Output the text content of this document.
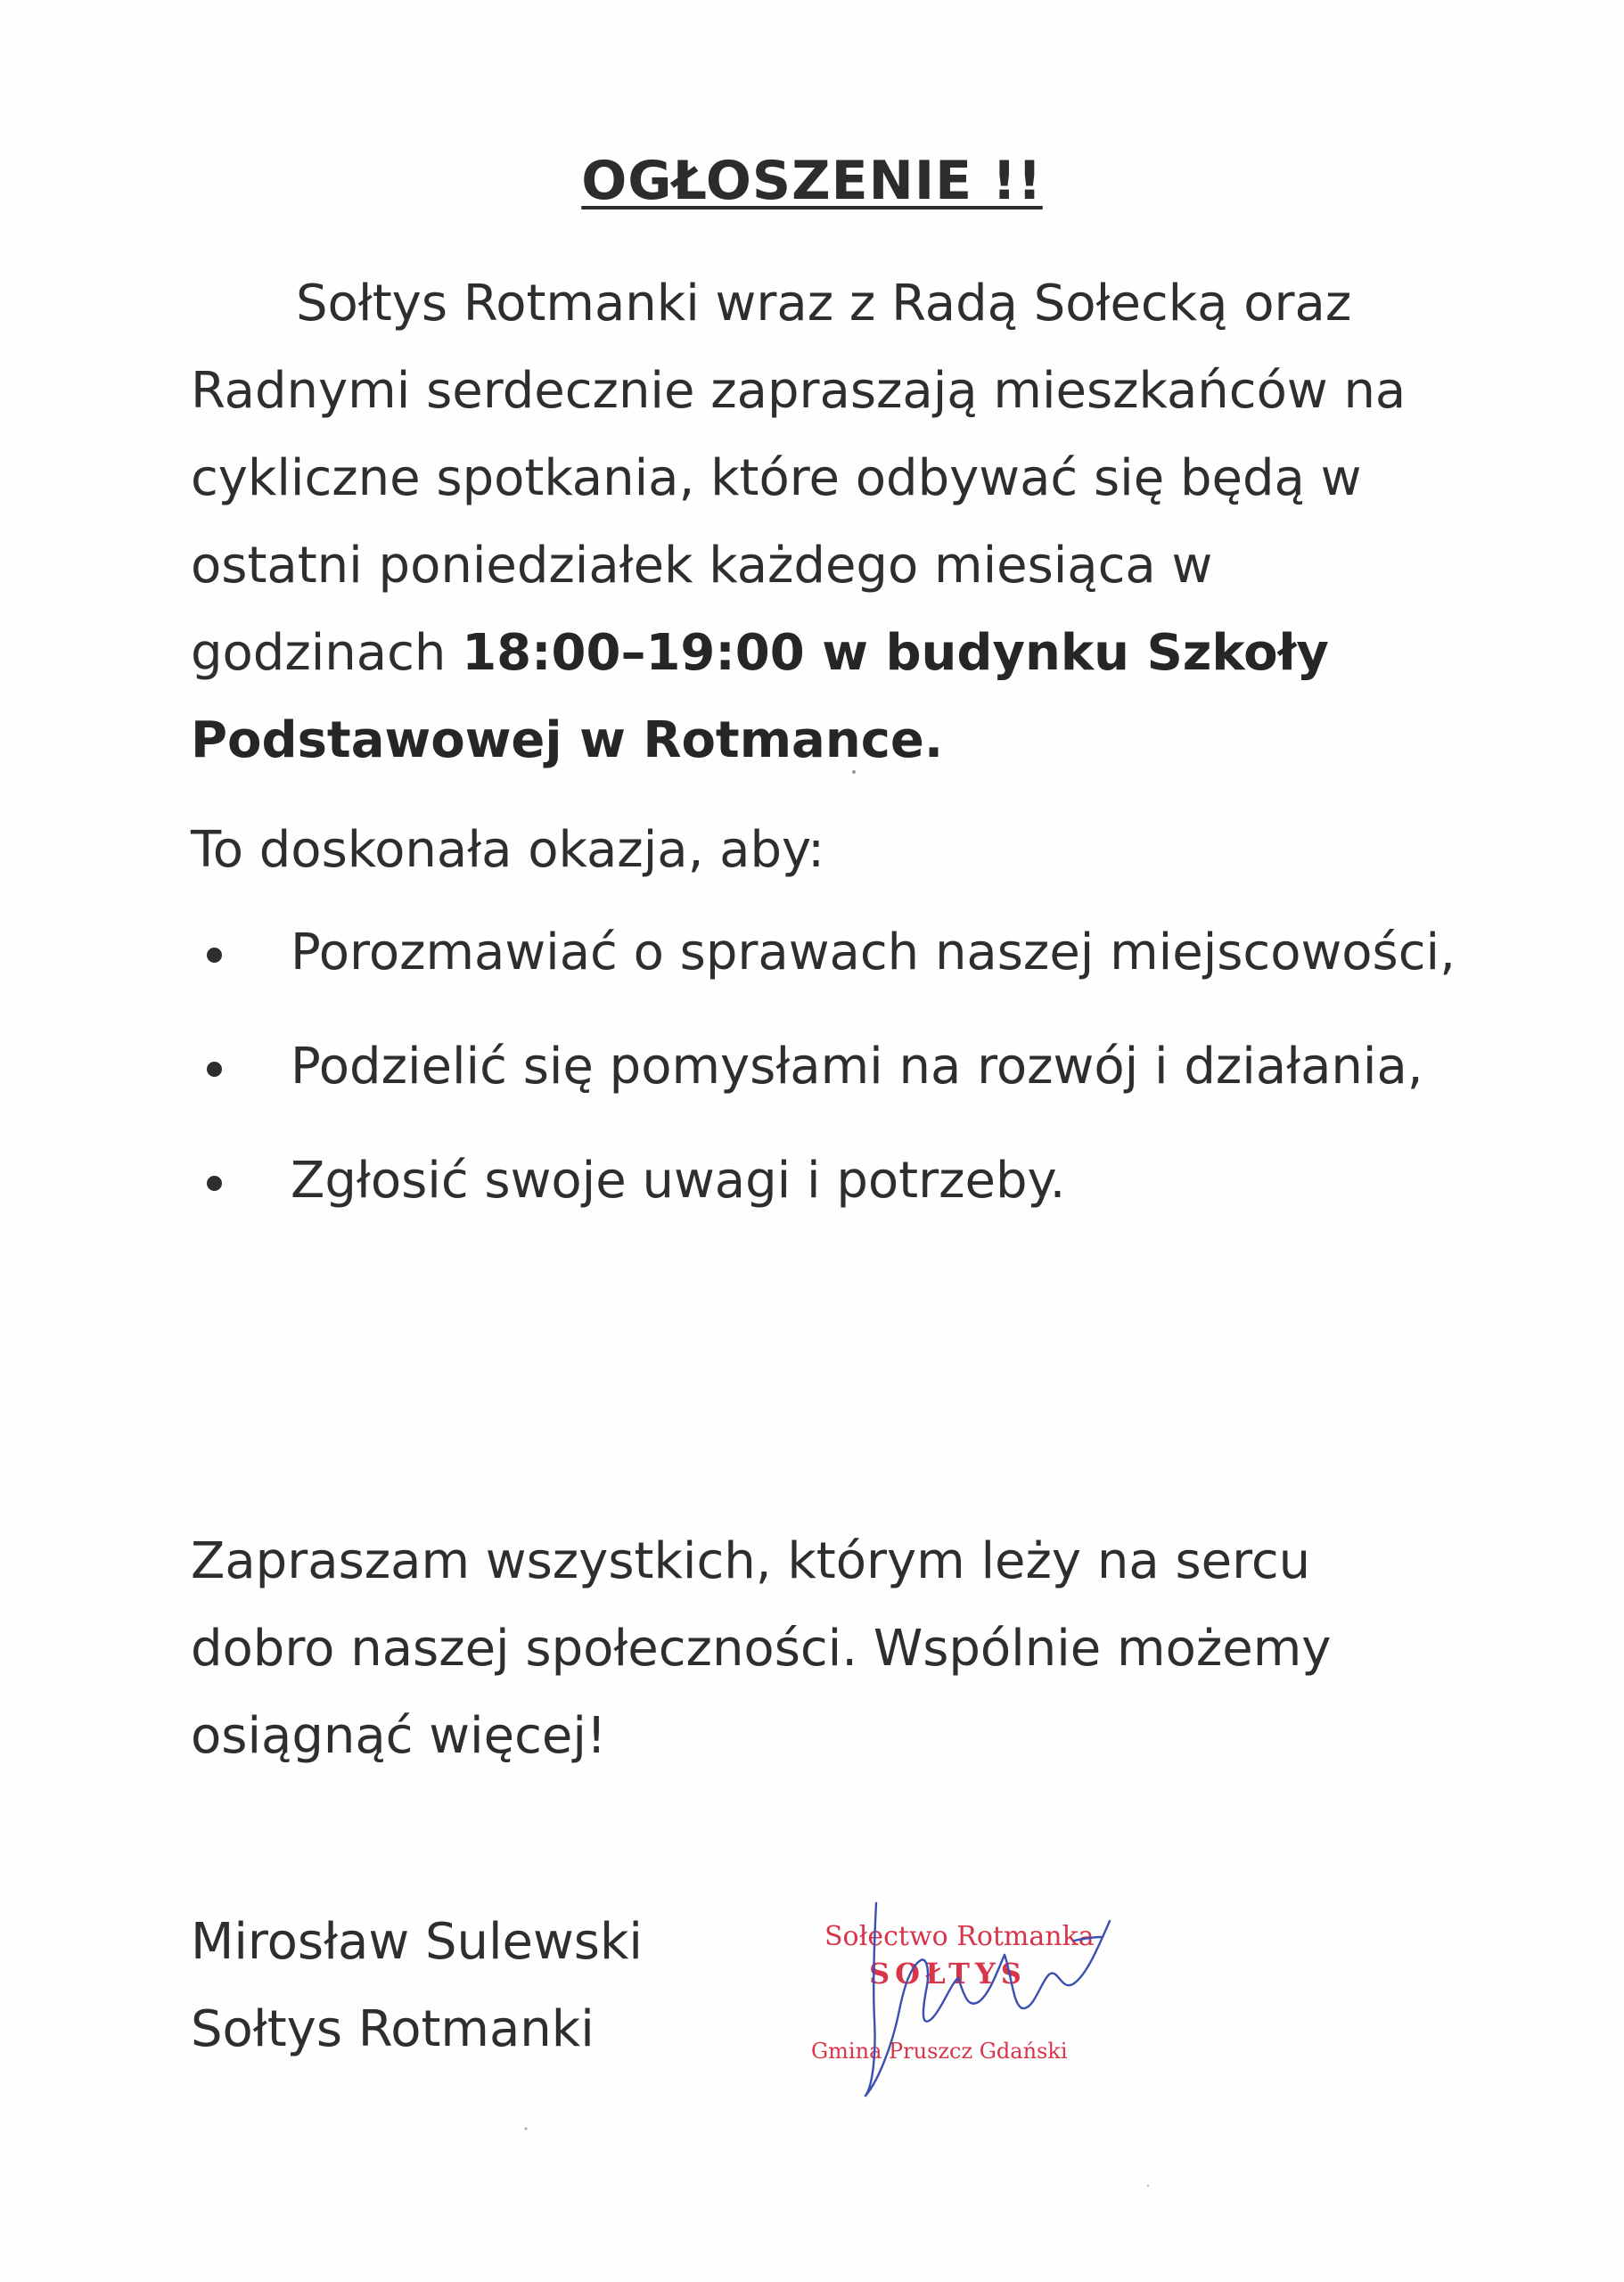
OGŁOSZENIE !!
Sołtys Rotmanki wraz z Radą Sołecką oraz Radnymi serdecznie zapraszają mieszkańców na cykliczne spotkania, które odbywać się będą w ostatni poniedziałek każdego miesiąca w godzinach 18:00–19:00 w budynku Szkoły Podstawowej w Rotmance.
To doskonała okazja, aby:
Porozmawiać o sprawach naszej miejscowości,
Podzielić się pomysłami na rozwój i działania,
Zgłosić swoje uwagi i potrzeby.
Zapraszam wszystkich, którym leży na sercu dobro naszej społeczności. Wspólnie możemy osiągnąć więcej!
Mirosław Sulewski
Sołtys Rotmanki
Sołectwo Rotmanka
SOŁTYS
Gmina Pruszcz Gdański
